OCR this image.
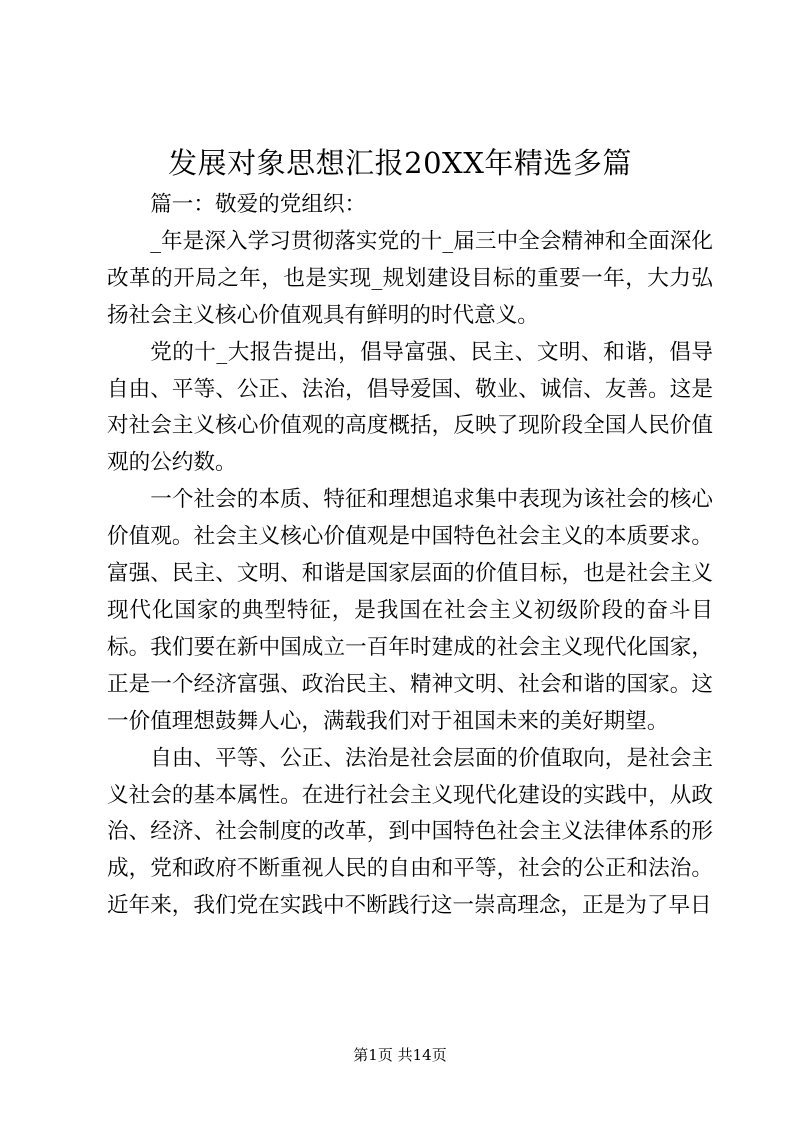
发展对象思想汇报20XX年精选多篇

篇一：敬爱的党组织：

_年是深入学习贯彻落实党的十_届三中全会精神和全面深化改革的开局之年，也是实现_规划建设目标的重要一年，大力弘扬社会主义核心价值观具有鲜明的时代意义。

党的十_大报告提出，倡导富强、民主、文明、和谐，倡导自由、平等、公正、法治，倡导爱国、敬业、诚信、友善。这是对社会主义核心价值观的高度概括，反映了现阶段全国人民价值观的公约数。

一个社会的本质、特征和理想追求集中表现为该社会的核心价值观。社会主义核心价值观是中国特色社会主义的本质要求。富强、民主、文明、和谐是国家层面的价值目标，也是社会主义现代化国家的典型特征，是我国在社会主义初级阶段的奋斗目标。我们要在新中国成立一百年时建成的社会主义现代化国家，正是一个经济富强、政治民主、精神文明、社会和谐的国家。这一价值理想鼓舞人心，满载我们对于祖国未来的美好期望。

自由、平等、公正、法治是社会层面的价值取向，是社会主义社会的基本属性。在进行社会主义现代化建设的实践中，从政治、经济、社会制度的改革，到中国特色社会主义法律体系的形成，党和政府不断重视人民的自由和平等，社会的公正和法治。近年来，我们党在实践中不断践行这一崇高理念，正是为了早日

第1页 共14页
